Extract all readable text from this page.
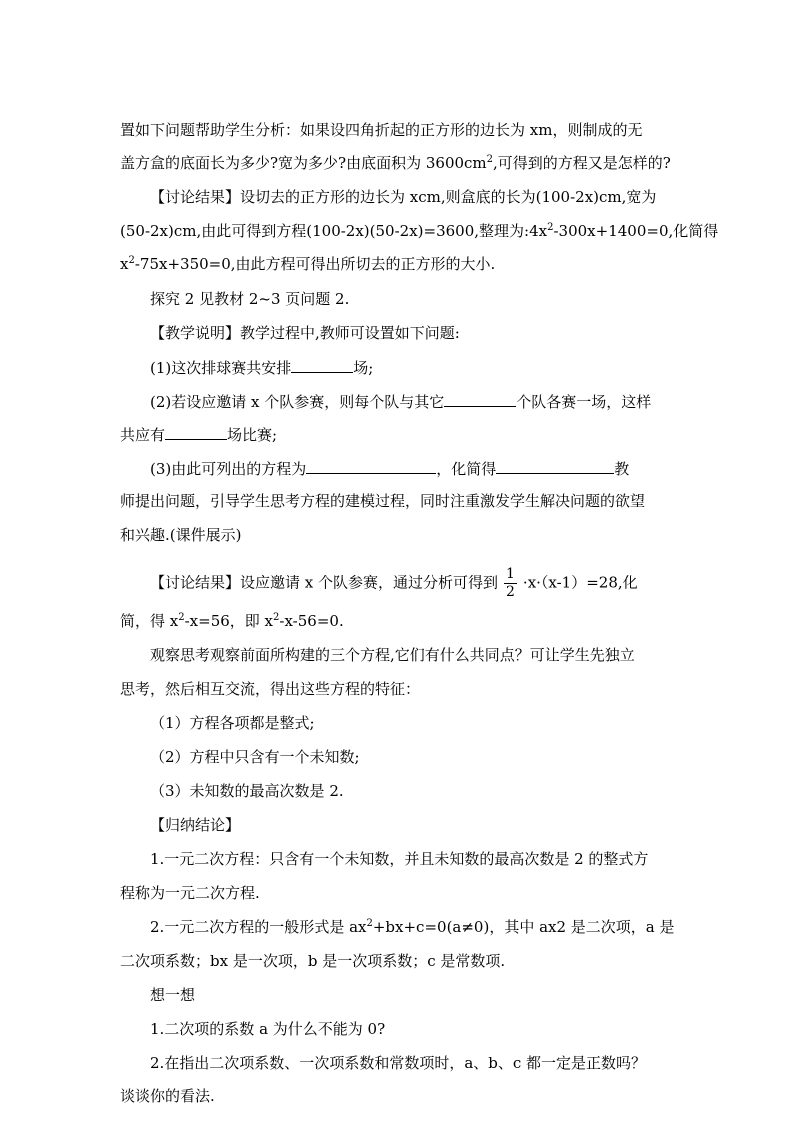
置如下问题帮助学生分析：如果设四角折起的正方形的边长为 xm，则制成的无
盖方盒的底面长为多少?宽为多少?由底面积为 $3600cm^2$,可得到的方程又是怎样的?
【讨论结果】设切去的正方形的边长为 xcm,则盒底的长为(100-2x)cm,宽为
(50-2x)cm,由此可得到方程(100-2x)(50-2x)=3600,整理为$:4x^2-300x+1400=0$,化简得
$x^2-75x+350=0$,由此方程可得出所切去的正方形的大小.
探究 2 见教材 2~3 页问题 2.
【教学说明】教学过程中,教师可设置如下问题:
(1)这次排球赛共安排	场;
(2)若设应邀请 x 个队参赛，则每个队与其它	个队各赛一场，这样
共应有	场比赛;
(3)由此可列出的方程为	，化简得	教
师提出问题，引导学生思考方程的建模过程，同时注重激发学生解决问题的欲望
和兴趣.(课件展示)
【讨论结果】设应邀请 x 个队参赛，通过分析可得到 $\frac{1}{2} \cdot x\cdot(x-1)=28$,化
简，得 $x^2-x=56$，即 $x^2-x-56=0$.
观察思考观察前面所构建的三个方程,它们有什么共同点？可让学生先独立
思考，然后相互交流，得出这些方程的特征：
（1）方程各项都是整式;
（2）方程中只含有一个未知数;
（3）未知数的最高次数是 2.
【归纳结论】
1.一元二次方程：只含有一个未知数，并且未知数的最高次数是 2 的整式方
程称为一元二次方程.
2.一元二次方程的一般形式是 $ax^2+bx+c=0(a\ne 0)$，其中 ax2 是二次项，a 是
二次项系数；bx 是一次项，b 是一次项系数；c 是常数项.
想一想
1.二次项的系数 a 为什么不能为 0?
2.在指出二次项系数、一次项系数和常数项时，a、b、c 都一定是正数吗？
谈谈你的看法.
